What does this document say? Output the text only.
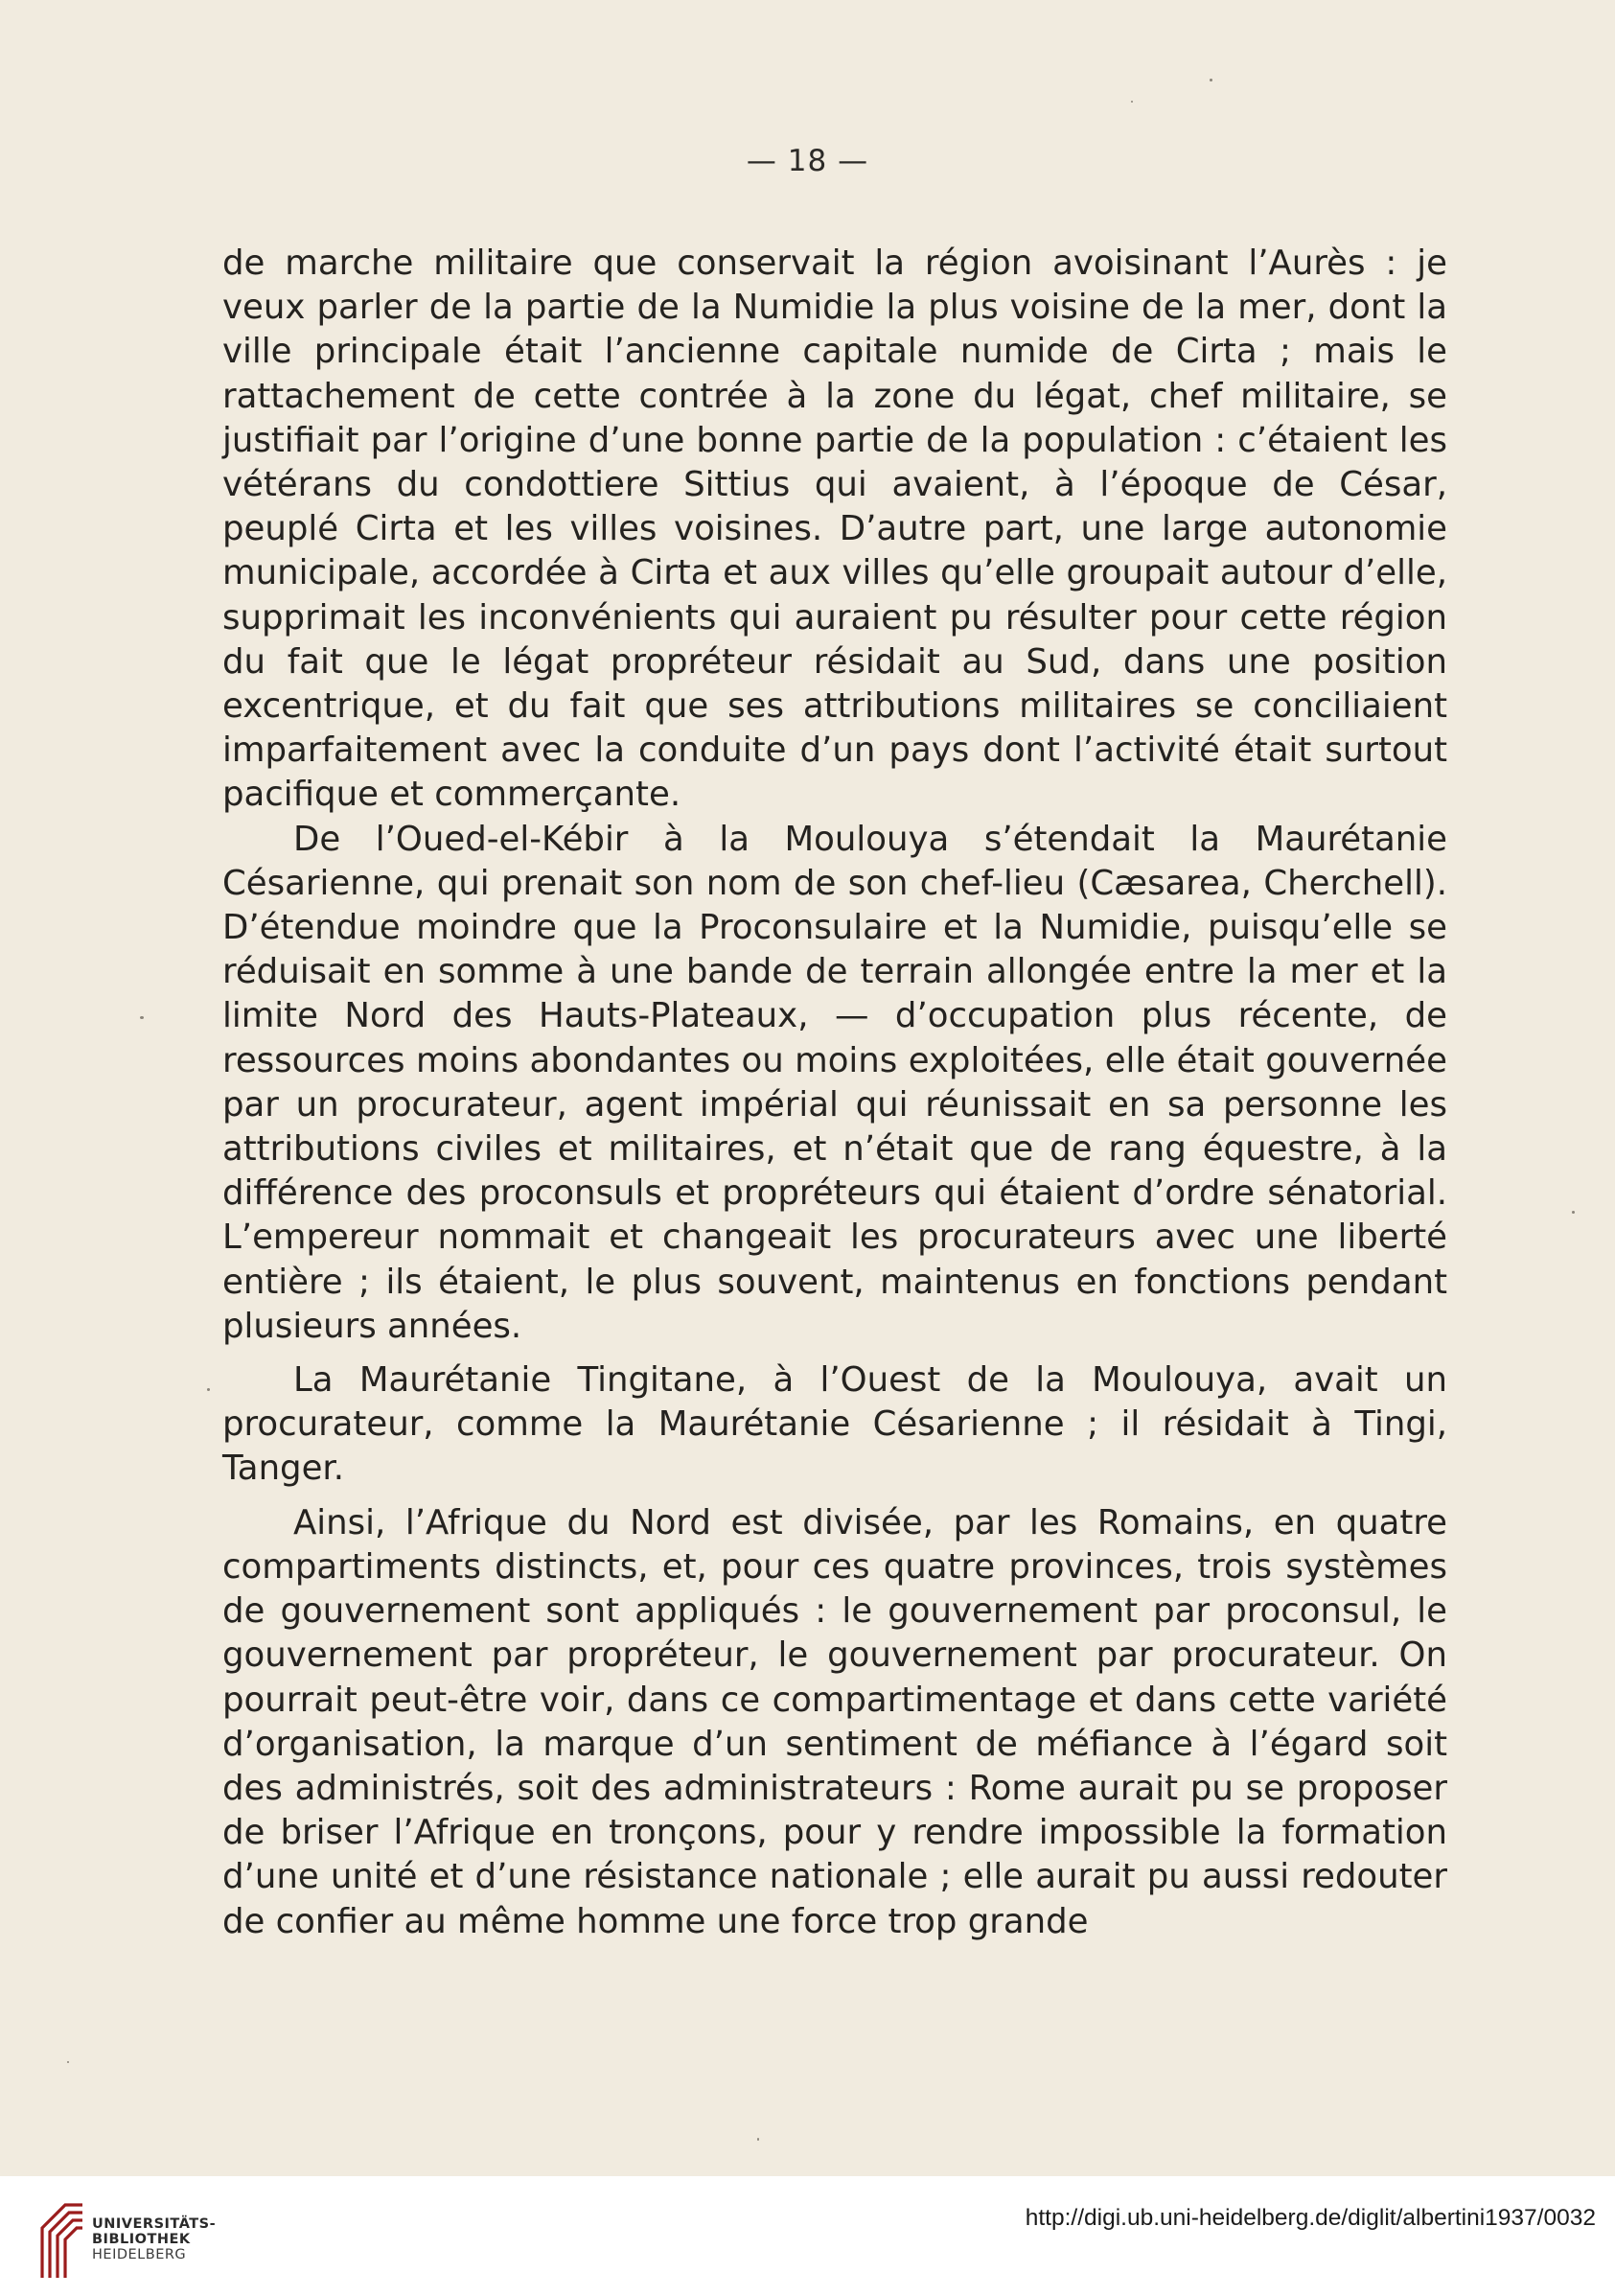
— 18 —

de marche militaire que conservait la région avoisinant l’Aurès : je veux parler de la partie de la Numidie la plus voisine de la mer, dont la ville principale était l’ancienne capitale numide de Cirta ; mais le rattachement de cette contrée à la zone du légat, chef militaire, se justifiait par l’origine d’une bonne partie de la population : c’étaient les vétérans du condottiere Sittius qui avaient, à l’époque de César, peuplé Cirta et les villes voisines. D’autre part, une large autonomie municipale, accordée à Cirta et aux villes qu’elle groupait autour d’elle, supprimait les inconvénients qui auraient pu résulter pour cette région du fait que le légat propréteur résidait au Sud, dans une position excentrique, et du fait que ses attributions militaires se conciliaient imparfaitement avec la conduite d’un pays dont l’activité était surtout pacifique et commerçante.

De l’Oued-el-Kébir à la Moulouya s’étendait la Maurétanie Césarienne, qui prenait son nom de son chef-lieu (Cæsarea, Cherchell). D’étendue moindre que la Proconsulaire et la Numidie, puisqu’elle se réduisait en somme à une bande de terrain allongée entre la mer et la limite Nord des Hauts-Plateaux, — d’occupation plus récente, de ressources moins abondantes ou moins exploitées, elle était gouvernée par un procurateur, agent impérial qui réunissait en sa personne les attributions civiles et militaires, et n’était que de rang équestre, à la différence des proconsuls et propréteurs qui étaient d’ordre sénatorial. L’empereur nommait et changeait les procurateurs avec une liberté entière ; ils étaient, le plus souvent, maintenus en fonctions pendant plusieurs années.

La Maurétanie Tingitane, à l’Ouest de la Moulouya, avait un procurateur, comme la Maurétanie Césarienne ; il résidait à Tingi, Tanger.

Ainsi, l’Afrique du Nord est divisée, par les Romains, en quatre compartiments distincts, et, pour ces quatre provinces, trois systèmes de gouvernement sont appliqués : le gouvernement par proconsul, le gouvernement par propréteur, le gouvernement par procurateur. On pourrait peut-être voir, dans ce compartimentage et dans cette variété d’organisation, la marque d’un sentiment de méfiance à l’égard soit des administrés, soit des administrateurs : Rome aurait pu se proposer de briser l’Afrique en tronçons, pour y rendre impossible la formation d’une unité et d’une résistance nationale ; elle aurait pu aussi redouter de confier au même homme une force trop grande

UNIVERSITÄTS-
BIBLIOTHEK
HEIDELBERG
http://digi.ub.uni-heidelberg.de/diglit/albertini1937/0032
